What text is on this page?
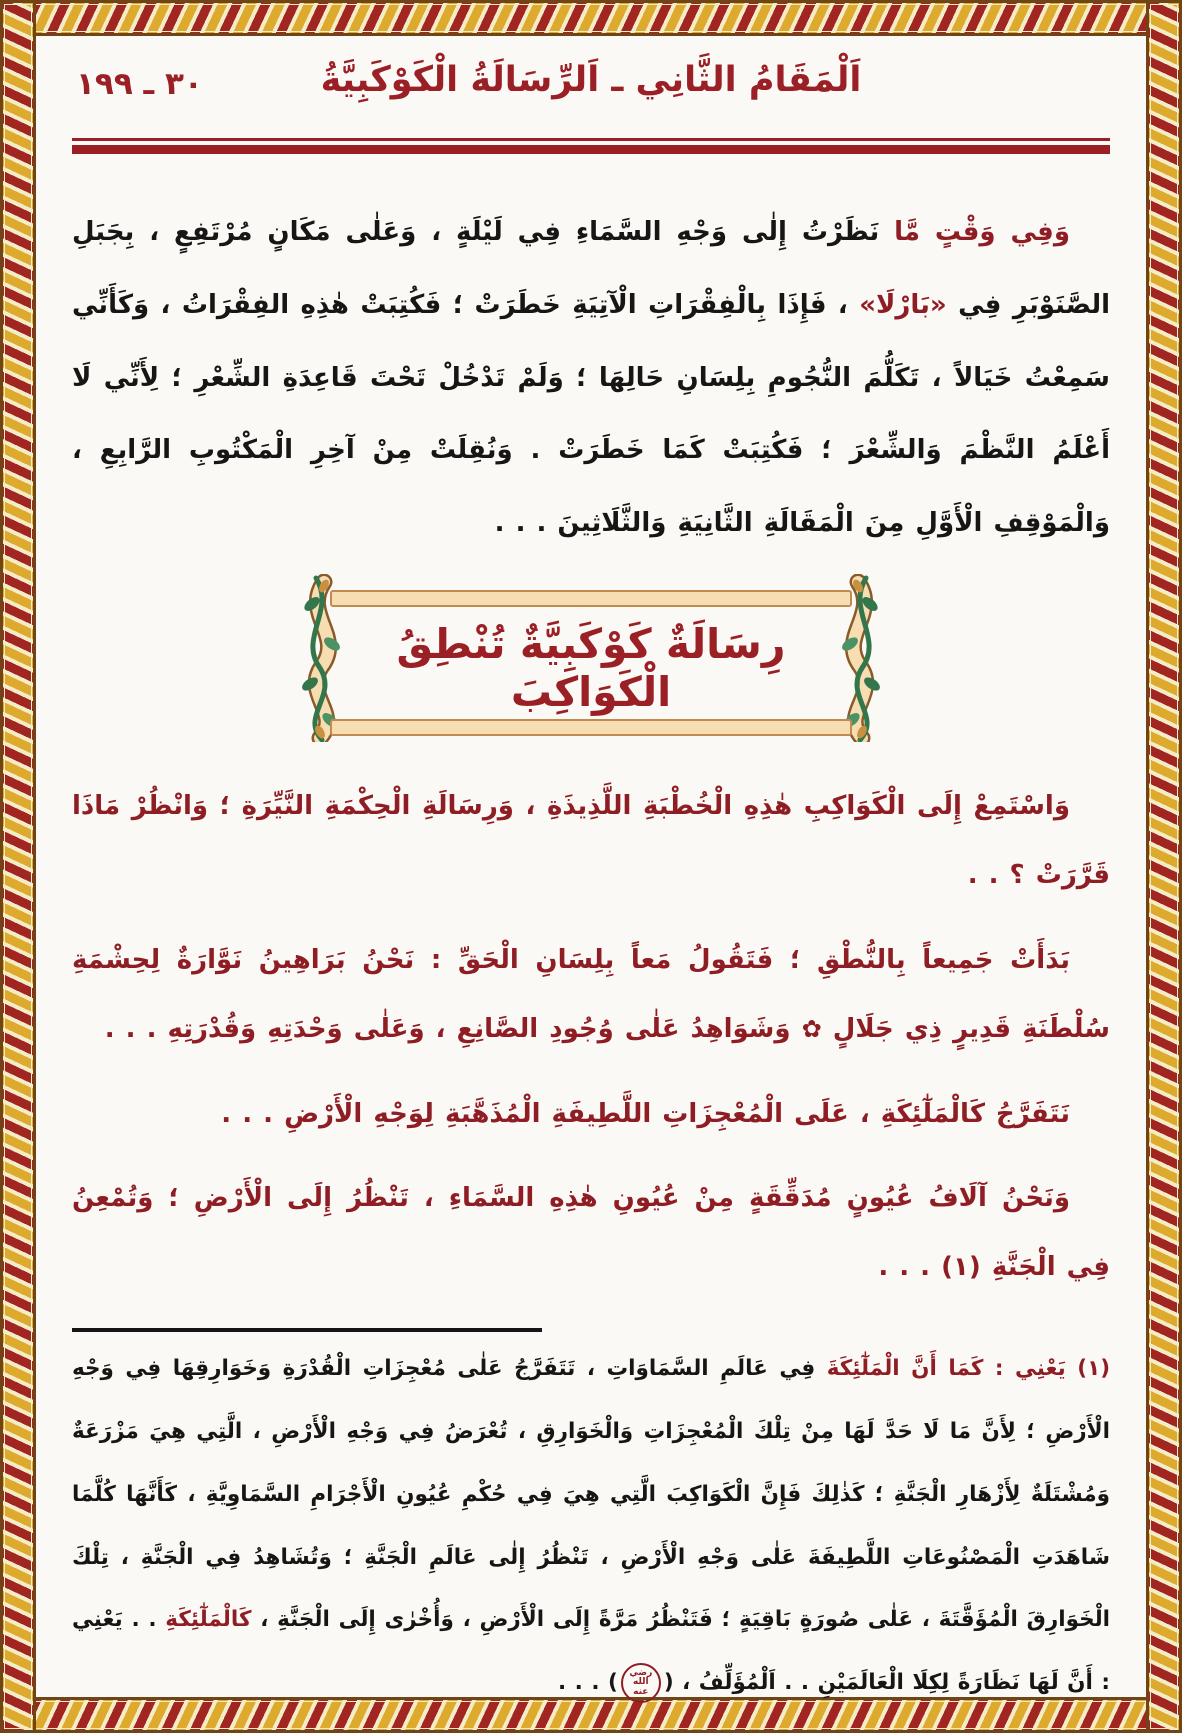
اَلْمَقَامُ الثَّانِي ـ اَلرِّسَالَةُ الْكَوْكَبِيَّةُ
٣٠ ـ ١٩٩
وَفِي وَقْتٍ مَّا نَظَرْتُ إِلٰى وَجْهِ السَّمَاءِ فِي لَيْلَةٍ ، وَعَلٰى مَكَانٍ مُرْتَفِعٍ ، بِجَبَلِ الصَّنَوْبَرِ فِي «بَارْلَا» ، فَإِذَا بِالْفِقْرَاتِ الْآتِيَةِ خَطَرَتْ ؛ فَكُتِبَتْ هٰذِهِ الفِقْرَاتُ ، وَكَأَنِّي سَمِعْتُ خَيَالاً ، تَكَلُّمَ النُّجُومِ بِلِسَانِ حَالِهَا ؛ وَلَمْ تَدْخُلْ تَحْتَ قَاعِدَةِ الشِّعْرِ ؛ لِأَنِّي لَا أَعْلَمُ النَّظْمَ وَالشِّعْرَ ؛ فَكُتِبَتْ كَمَا خَطَرَتْ . وَنُقِلَتْ مِنْ آخِرِ الْمَكْتُوبِ الرَّابِعِ ، وَالْمَوْقِفِ الْأَوَّلِ مِنَ الْمَقَالَةِ الثَّانِيَةِ وَالثَّلَاثِينَ . . .
رِسَالَةٌ كَوْكَبِيَّةٌ تُنْطِقُ الْكَوَاكِبَ
وَاسْتَمِعْ إِلَى الْكَوَاكِبِ هٰذِهِ الْخُطْبَةِ اللَّذِيذَةِ ، وَرِسَالَةِ الْحِكْمَةِ النَّيِّرَةِ ؛ وَانْظُرْ مَاذَا قَرَّرَتْ ؟ . .
بَدَأَتْ جَمِيعاً بِالنُّطْقِ ؛ فَتَقُولُ مَعاً بِلِسَانِ الْحَقِّ : نَحْنُ بَرَاهِينُ نَوَّارَةٌ لِحِشْمَةِ سُلْطَنَةِ قَدِيرٍ ذِي جَلَالٍ ✿ وَشَوَاهِدُ عَلٰى وُجُودِ الصَّانِعِ ، وَعَلٰى وَحْدَتِهِ وَقُدْرَتِهِ . . .
نَتَفَرَّجُ كَالْمَلٰٓئِكَةِ ، عَلَى الْمُعْجِزَاتِ اللَّطِيفَةِ الْمُذَهَّبَةِ لِوَجْهِ الْأَرْضِ . . .
وَنَحْنُ آلَافُ عُيُونٍ مُدَقِّقَةٍ مِنْ عُيُونِ هٰذِهِ السَّمَاءِ ، تَنْظُرُ إِلَى الْأَرْضِ ؛ وَتُمْعِنُ فِي الْجَنَّةِ (١) . . .
(١) يَعْنِي : كَمَا أَنَّ الْمَلٰٓئِكَةَ فِي عَالَمِ السَّمَاوَاتِ ، تَتَفَرَّجُ عَلٰى مُعْجِزَاتِ الْقُدْرَةِ وَخَوَارِقِهَا فِي وَجْهِ الْأَرْضِ ؛ لِأَنَّ مَا لَا حَدَّ لَهَا مِنْ تِلْكَ الْمُعْجِزَاتِ وَالْخَوَارِقِ ، تُعْرَضُ فِي وَجْهِ الْأَرْضِ ، الَّتِي هِيَ مَزْرَعَةٌ وَمُشْتَلَةٌ لِأَزْهَارِ الْجَنَّةِ ؛ كَذٰلِكَ فَإِنَّ الْكَوَاكِبَ الَّتِي هِيَ فِي حُكْمِ عُيُونِ الْأَجْرَامِ السَّمَاوِيَّةِ ، كَأَنَّهَا كُلَّمَا شَاهَدَتِ الْمَصْنُوعَاتِ اللَّطِيفَةَ عَلٰى وَجْهِ الْأَرْضِ ، تَنْظُرُ إِلٰى عَالَمِ الْجَنَّةِ ؛ وَتُشَاهِدُ فِي الْجَنَّةِ ، تِلْكَ الْخَوَارِقَ الْمُؤَقَّتَةَ ، عَلٰى صُورَةٍ بَاقِيَةٍ ؛ فَتَنْظُرُ مَرَّةً إِلَى الْأَرْضِ ، وَأُخْرٰى إِلَى الْجَنَّةِ ، كَالْمَلٰٓئِكَةِ . . يَعْنِي : أَنَّ لَهَا نَظَارَةً لِكِلَا الْعَالَمَيْنِ . . اَلْمُؤَلِّفُ ، (رضي الله عنه) . . .
